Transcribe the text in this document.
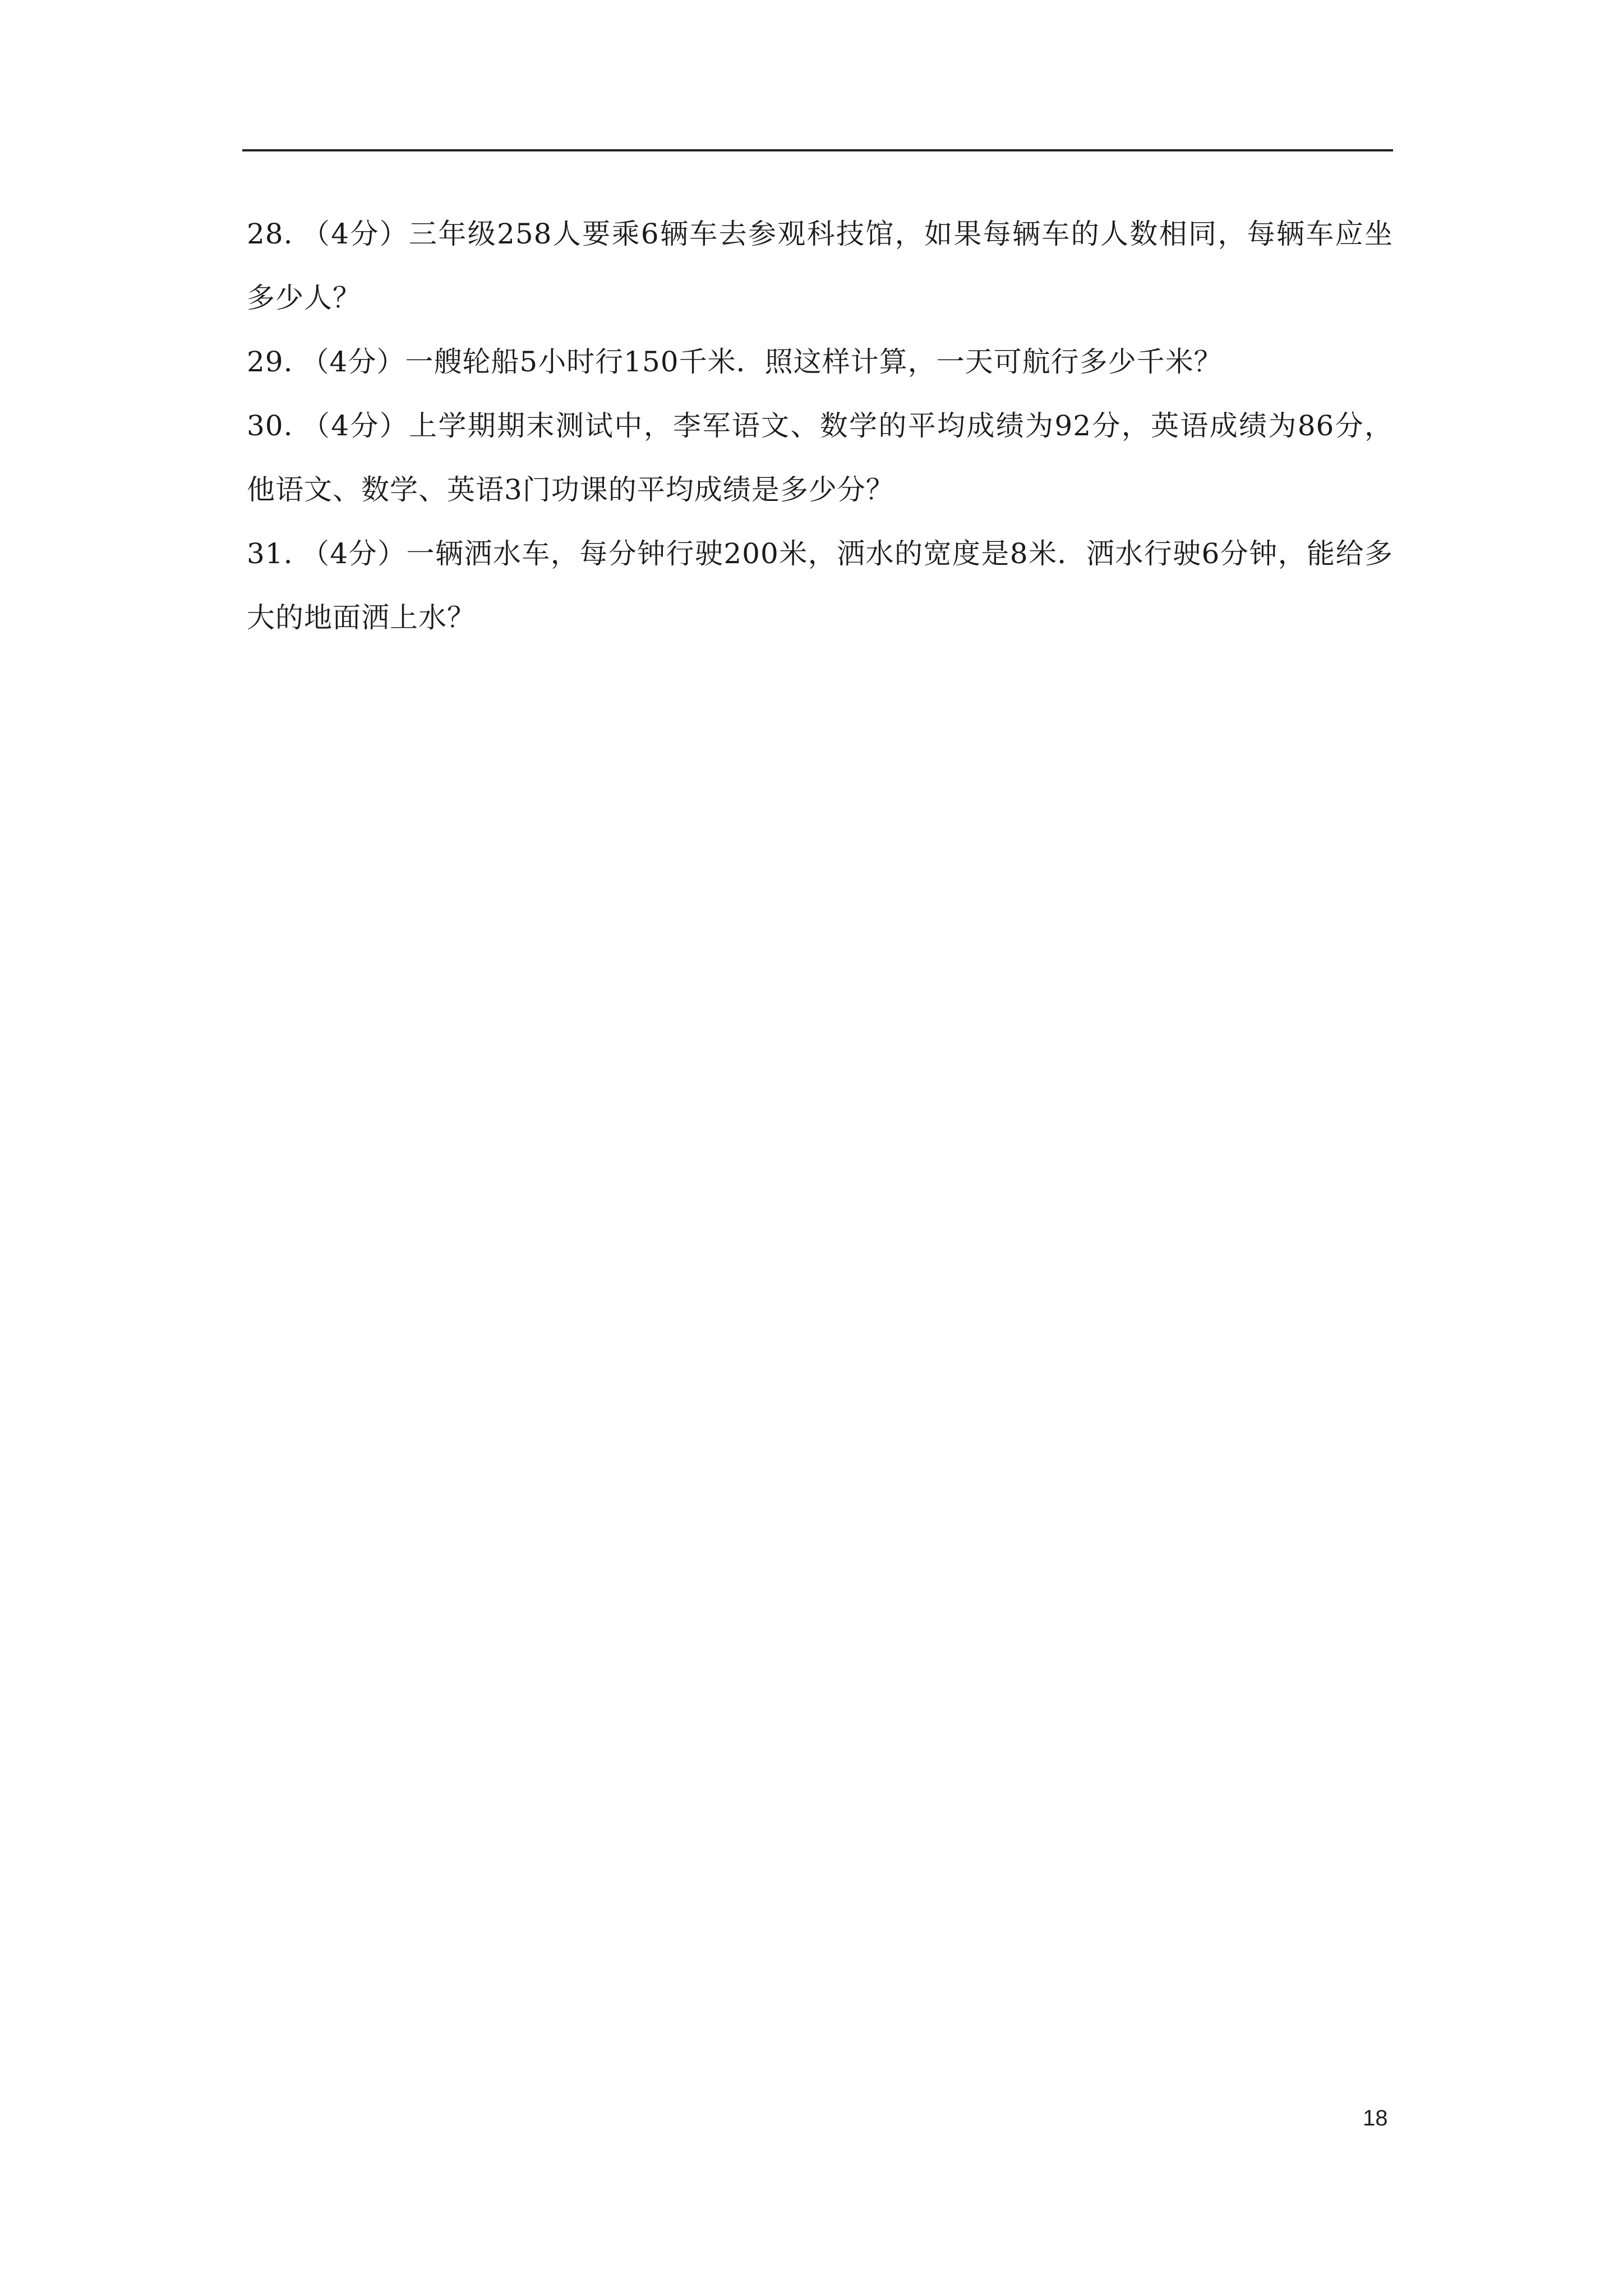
28. （4分）三年级258人要乘6辆车去参观科技馆，如果每辆车的人数相同，每辆车应坐多少人？

29. （4分）一艘轮船5小时行150千米．照这样计算，一天可航行多少千米？

30. （4分）上学期期末测试中，李军语文、数学的平均成绩为92分，英语成绩为86分，他语文、数学、英语3门功课的平均成绩是多少分？

31. （4分）一辆洒水车，每分钟行驶200米，洒水的宽度是8米．洒水行驶6分钟，能给多大的地面洒上水？

18
